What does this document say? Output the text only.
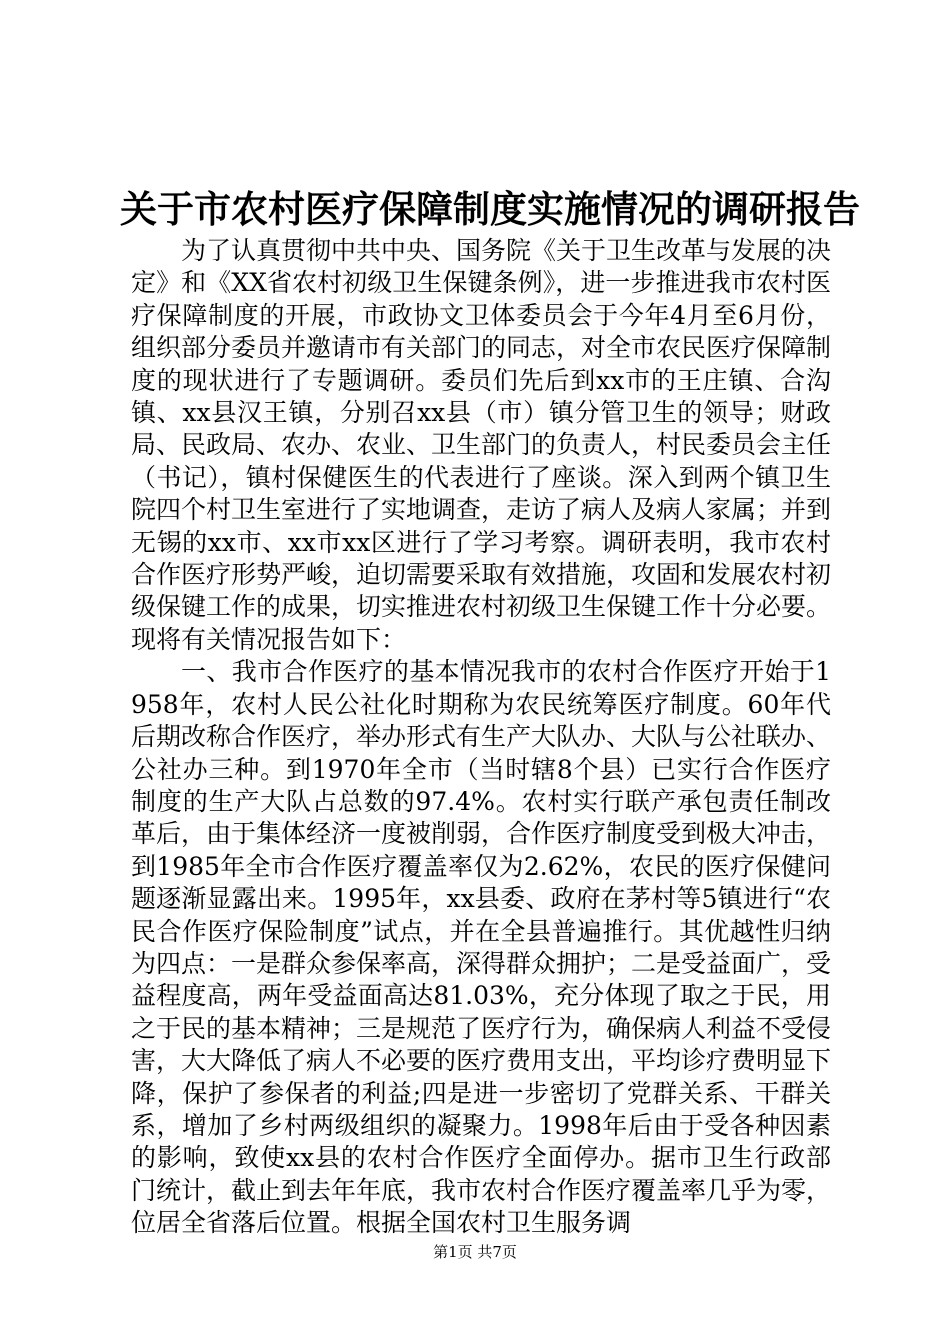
关于市农村医疗保障制度实施情况的调研报告

为了认真贯彻中共中央、国务院《关于卫生改革与发展的决定》和《XX省农村初级卫生保键条例》，进一步推进我市农村医疗保障制度的开展，市政协文卫体委员会于今年4月至6月份，组织部分委员并邀请市有关部门的同志，对全市农民医疗保障制度的现状进行了专题调研。委员们先后到xx市的王庄镇、合沟镇、xx县汉王镇，分别召xx县（市）镇分管卫生的领导；财政局、民政局、农办、农业、卫生部门的负责人，村民委员会主任（书记），镇村保健医生的代表进行了座谈。深入到两个镇卫生院四个村卫生室进行了实地调查，走访了病人及病人家属；并到无锡的xx市、xx市xx区进行了学习考察。调研表明，我市农村合作医疗形势严峻，迫切需要采取有效措施，攻固和发展农村初级保键工作的成果，切实推进农村初级卫生保键工作十分必要。现将有关情况报告如下：

一、我市合作医疗的基本情况我市的农村合作医疗开始于1958年，农村人民公社化时期称为农民统筹医疗制度。60年代后期改称合作医疗，举办形式有生产大队办、大队与公社联办、公社办三种。到1970年全市（当时辖8个县）已实行合作医疗制度的生产大队占总数的97.4%。农村实行联产承包责任制改革后，由于集体经济一度被削弱，合作医疗制度受到极大冲击，到1985年全市合作医疗覆盖率仅为2.62%，农民的医疗保健问题逐渐显露出来。1995年，xx县委、政府在茅村等5镇进行“农民合作医疗保险制度”试点，并在全县普遍推行。其优越性归纳为四点：一是群众参保率高，深得群众拥护；二是受益面广，受益程度高，两年受益面高达81.03%，充分体现了取之于民，用之于民的基本精神；三是规范了医疗行为，确保病人利益不受侵害，大大降低了病人不必要的医疗费用支出，平均诊疗费明显下降，保护了参保者的利益;四是进一步密切了党群关系、干群关系，增加了乡村两级组织的凝聚力。1998年后由于受各种因素的影响，致使xx县的农村合作医疗全面停办。据市卫生行政部门统计，截止到去年年底，我市农村合作医疗覆盖率几乎为零，位居全省落后位置。根据全国农村卫生服务调

第1页 共7页
